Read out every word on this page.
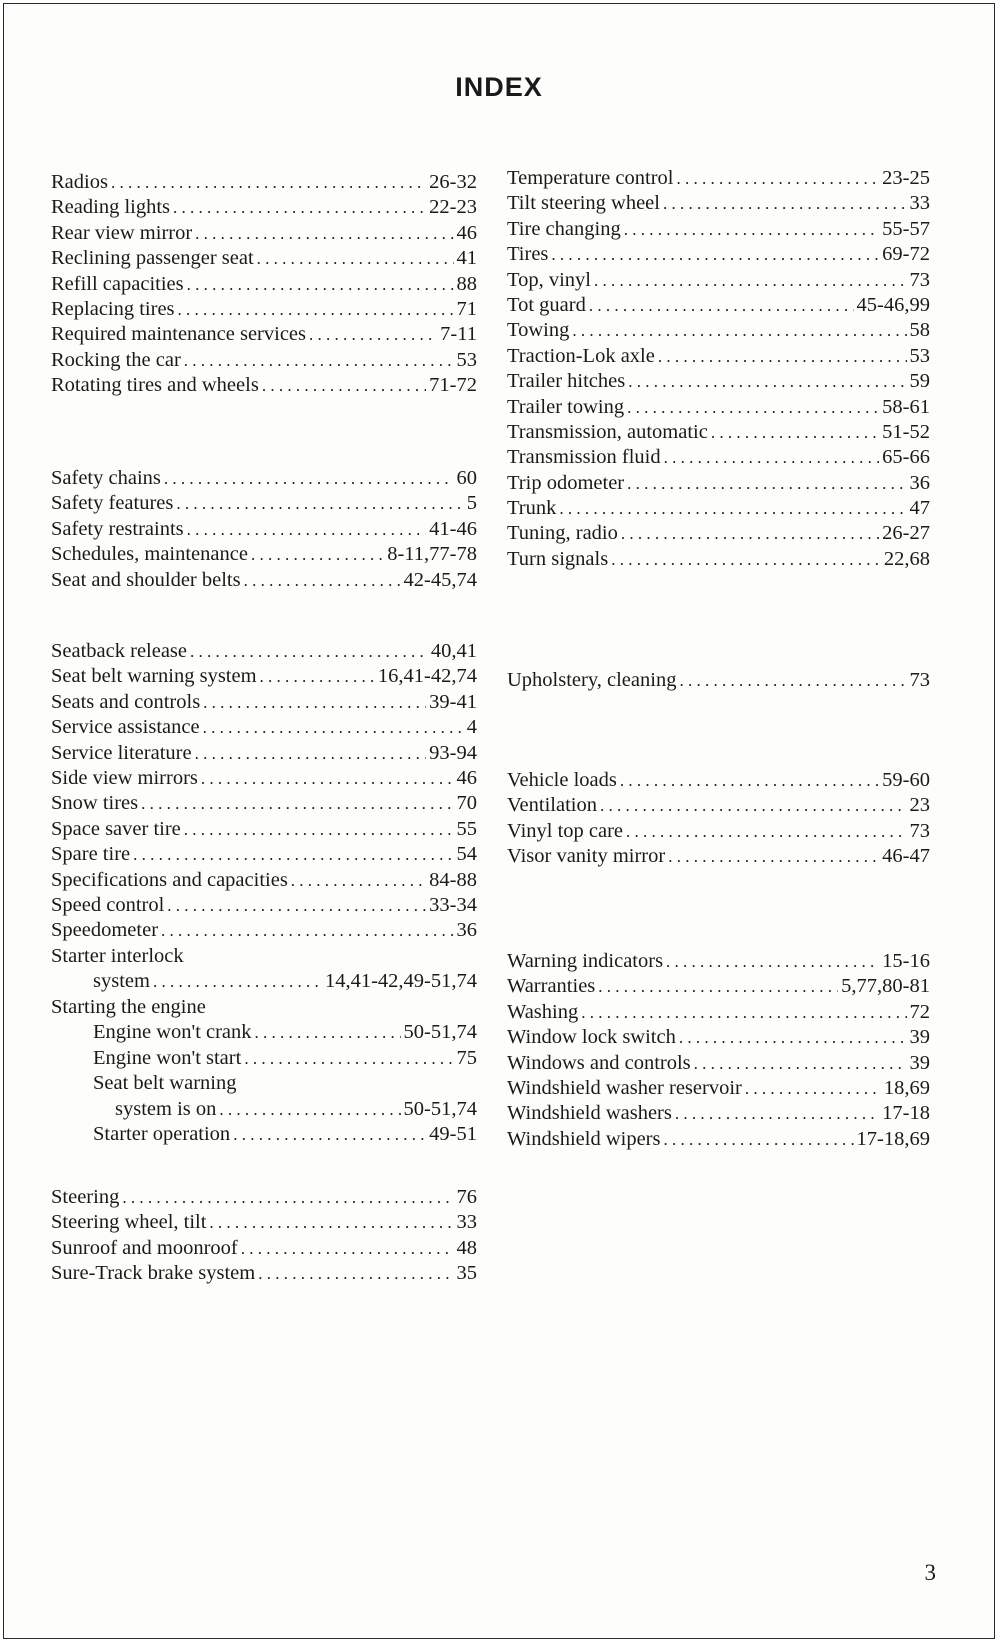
INDEX
Radios . . .	26-32
Reading lights . . .	22-23
Rear view mirror . . .	46
Reclining passenger seat . . .	41
Refill capacities . . .	88
Replacing tires . . .	71
Required maintenance services . . .	7-11
Rocking the car . . .	53
Rotating tires and wheels . . .	71-72
Safety chains . . .	60
Safety features . . .	5
Safety restraints . . .	41-46
Schedules, maintenance . . .	8-11,77-78
Seat and shoulder belts . . .	42-45,74
Seatback release . . .	40,41
Seat belt warning system . . .	16,41-42,74
Seats and controls . . .	39-41
Service assistance . . .	4
Service literature . . .	93-94
Side view mirrors . . .	46
Snow tires . . .	70
Space saver tire . . .	55
Spare tire . . .	54
Specifications and capacities . . .	84-88
Speed control . . .	33-34
Speedometer . . .	36
Starter interlock
system . . .	14,41-42,49-51,74
Starting the engine
Engine won't crank . . .	50-51,74
Engine won't start . . .	75
Seat belt warning
system is on . . .	50-51,74
Starter operation . . .	49-51
Steering . . .	76
Steering wheel, tilt . . .	33
Sunroof and moonroof . . .	48
Sure-Track brake system . . .	35
Temperature control . . .	23-25
Tilt steering wheel . . .	33
Tire changing . . .	55-57
Tires . . .	69-72
Top, vinyl . . .	73
Tot guard . . .	45-46,99
Towing . . .	58
Traction-Lok axle . . .	53
Trailer hitches . . .	59
Trailer towing . . .	58-61
Transmission, automatic . . .	51-52
Transmission fluid . . .	65-66
Trip odometer . . .	36
Trunk . . .	47
Tuning, radio . . .	26-27
Turn signals . . .	22,68
Upholstery, cleaning . . .	73
Vehicle loads . . .	59-60
Ventilation . . .	23
Vinyl top care . . .	73
Visor vanity mirror . . .	46-47
Warning indicators . . .	15-16
Warranties . . .	5,77,80-81
Washing . . .	72
Window lock switch . . .	39
Windows and controls . . .	39
Windshield washer reservoir . . .	18,69
Windshield washers . . .	17-18
Windshield wipers . . .	17-18,69
3
